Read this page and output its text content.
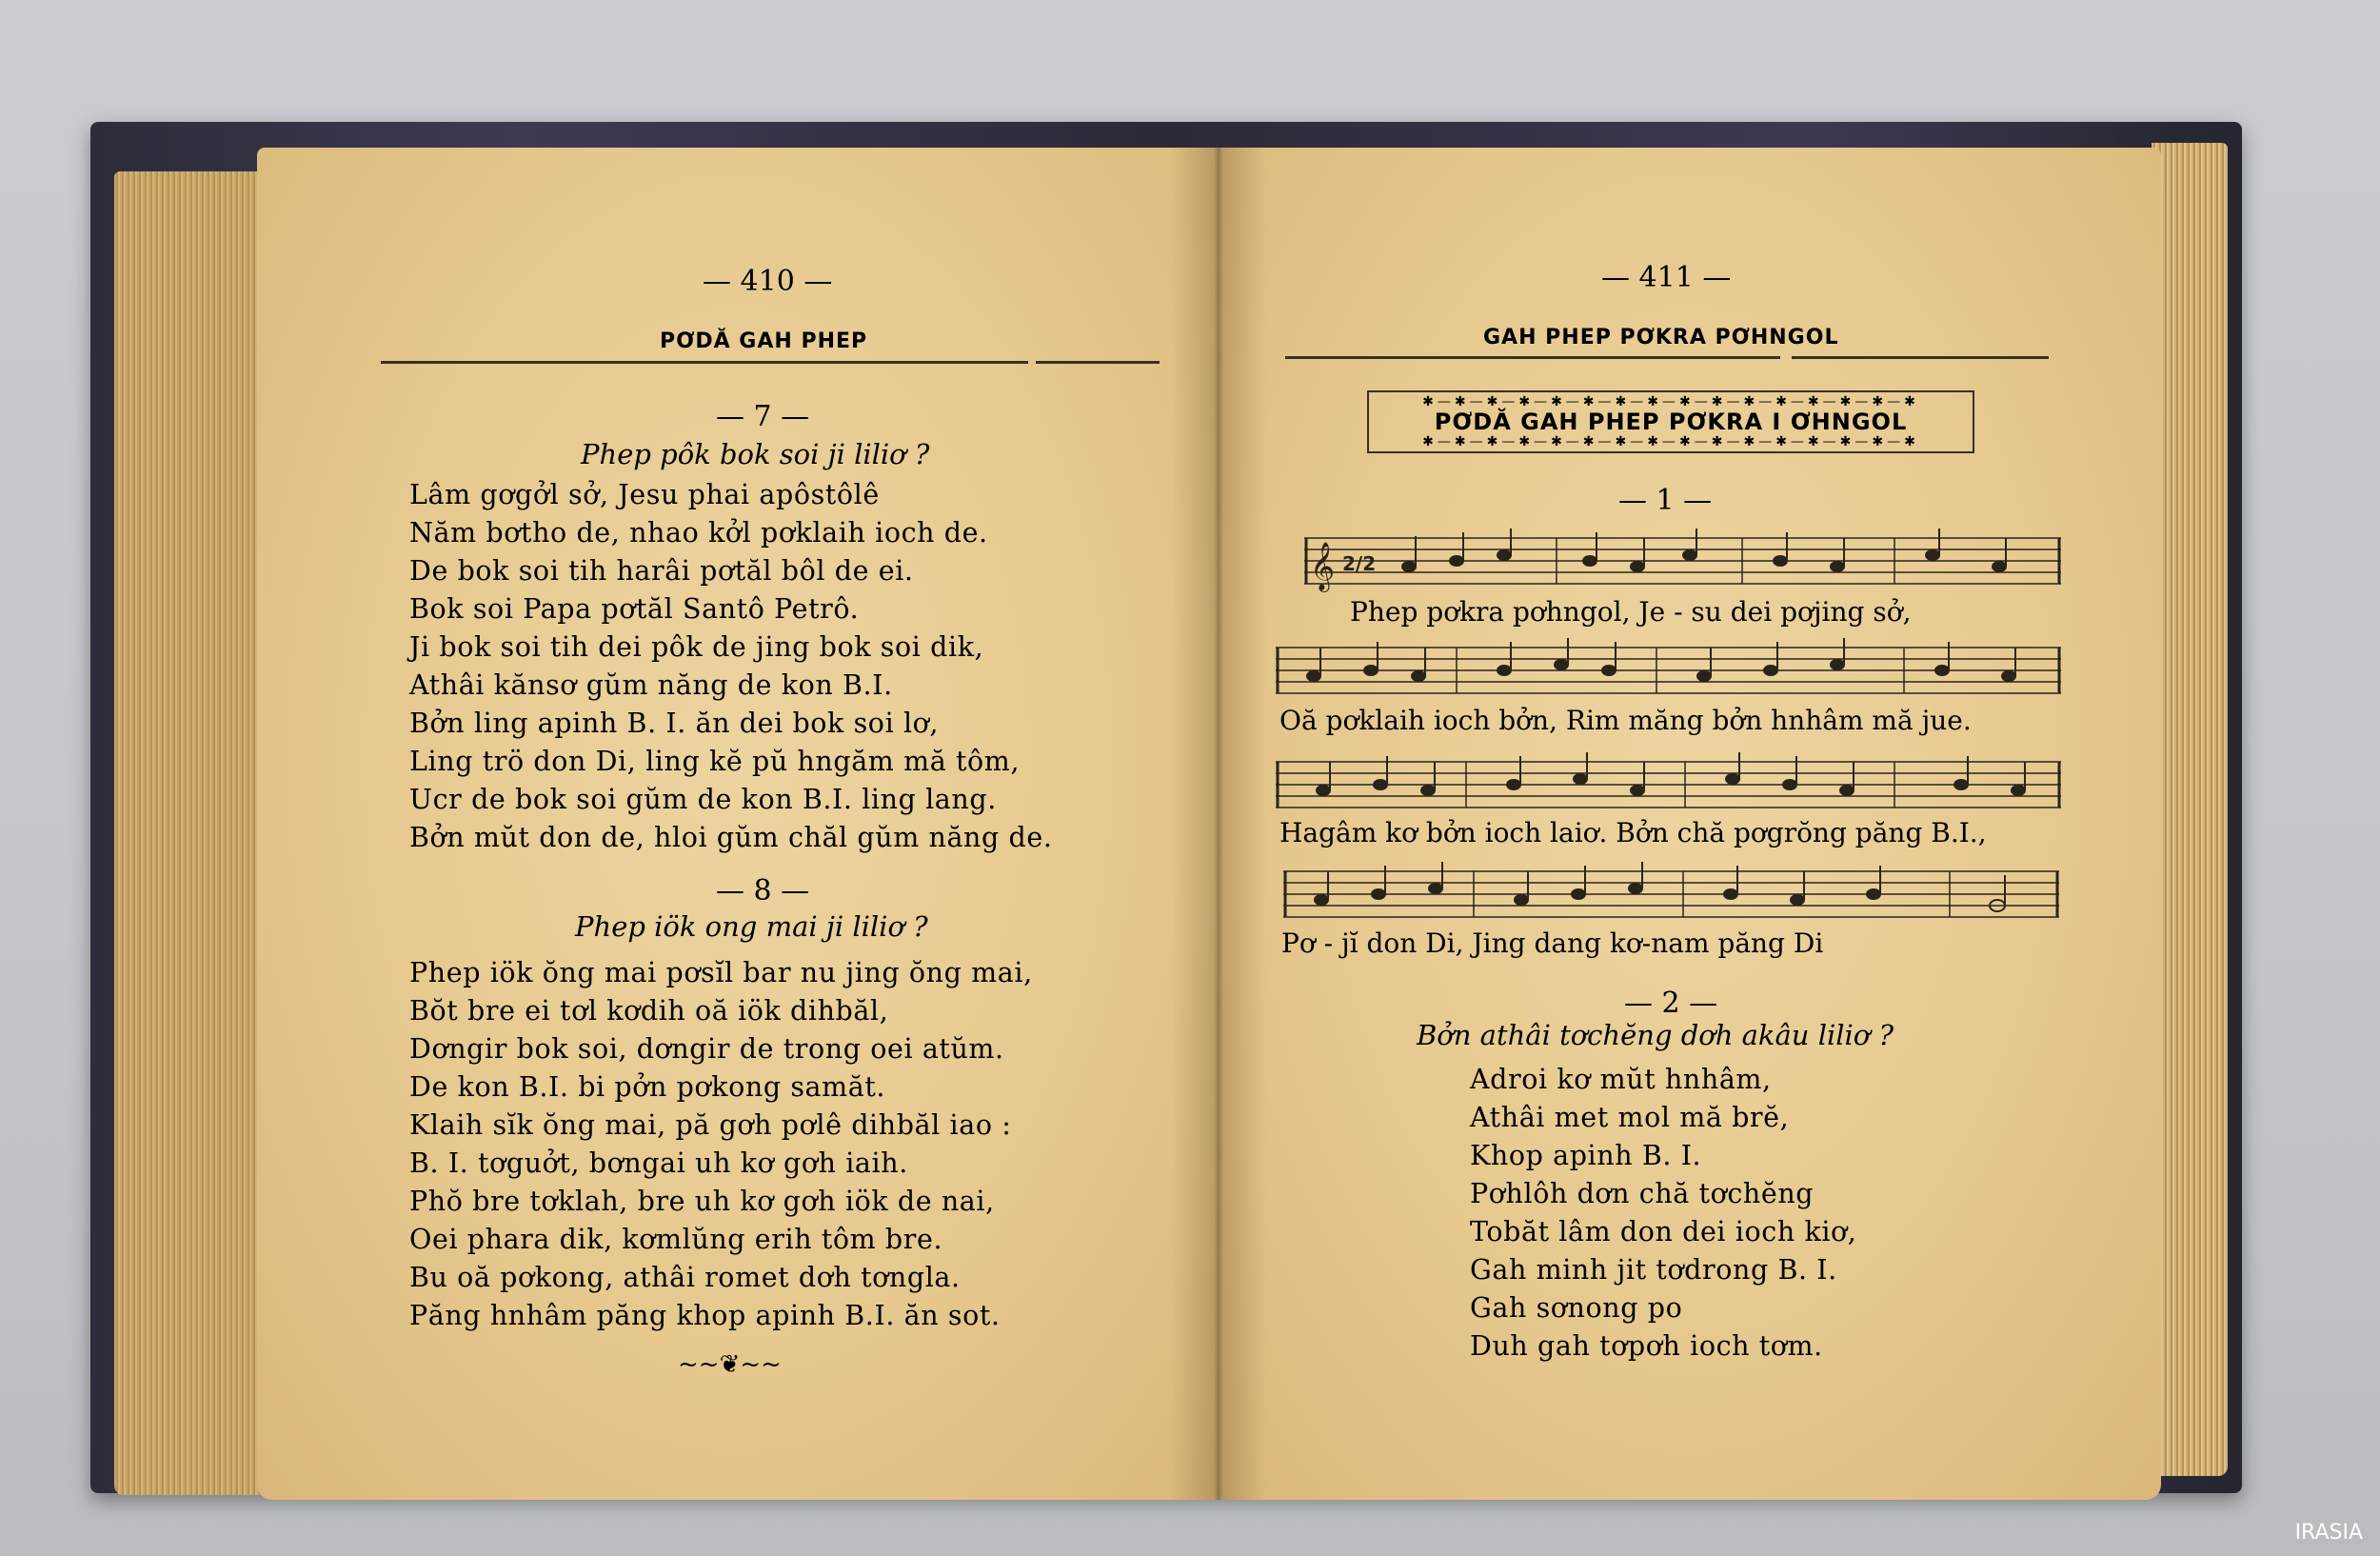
— 410 —
PƠDĂ GAH PHEP
— 7 —
Phep pôk bok soi ji liliơ ?
Lâm gơgởl sở, Jesu phai apôstôlê
Năm bơtho de, nhao kởl pơklaih ioch de.
De bok soi tih harâi pơtăl bôl de ei.
Bok soi Papa pơtăl Santô Petrô.
Ji bok soi tih dei pôk de jing bok soi dik,
Athâi kănsơ gŭm năng de kon B.I.
Bởn ling apinh B. I. ăn dei bok soi lơ,
Ling trö don Di, ling kĕ pŭ hngăm mă tôm,
Ucr de bok soi gŭm de kon B.I. ling lang.
Bởn mŭt don de, hloi gŭm chăl gŭm năng de.
— 8 —
Phep iök ong mai ji liliơ ?
Phep iök ŏng mai pơsĭl bar nu jing ŏng mai,
Bŏt bre ei tơl kơdih oă iök dihbăl,
Dơngir bok soi, dơngir de trong oei atŭm.
De kon B.I. bi pởn pơkong samăt.
Klaih sĭk ŏng mai, pă gơh pơlê dihbăl iao :
B. I. tơguởt, bơngai uh kơ gơh iaih.
Phŏ bre tơklah, bre uh kơ gơh iök de nai,
Oei phara dik, kơmlŭng erih tôm bre.
Bu oă pơkong, athâi romet dơh tơngla.
Păng hnhâm păng khop apinh B.I. ăn sot.
~~❦~~
— 411 —
GAH PHEP PƠKRA PƠHNGOL
✱—✱—✱—✱—✱—✱—✱—✱—✱—✱—✱—✱—✱—✱—✱—✱
PƠDĂ GAH PHEP PƠKRA I ƠHNGOL
✱—✱—✱—✱—✱—✱—✱—✱—✱—✱—✱—✱—✱—✱—✱—✱
— 1 —
𝄞 2/2
Phep pơkra pơhngol, Je - su dei pơjing sở,
Oă pơklaih ioch bởn, Rim măng bởn hnhâm mă jue.
Hagâm kơ bởn ioch laiơ. Bởn chă pơgrŏng păng B.I.,
Pơ - jĭ don Di, Jing dang kơ-nam păng Di
— 2 —
Bởn athâi tơchĕng dơh akâu liliơ ?
Adroi kơ mŭt hnhâm,
Athâi met mol mă brĕ,
Khop apinh B. I.
Pơhlôh dơn chă tơchĕng
Tobăt lâm don dei ioch kiơ,
Gah minh jit tơdrong B. I.
Gah sơnong po
Duh gah tơpơh ioch tơm.
IRASIA
